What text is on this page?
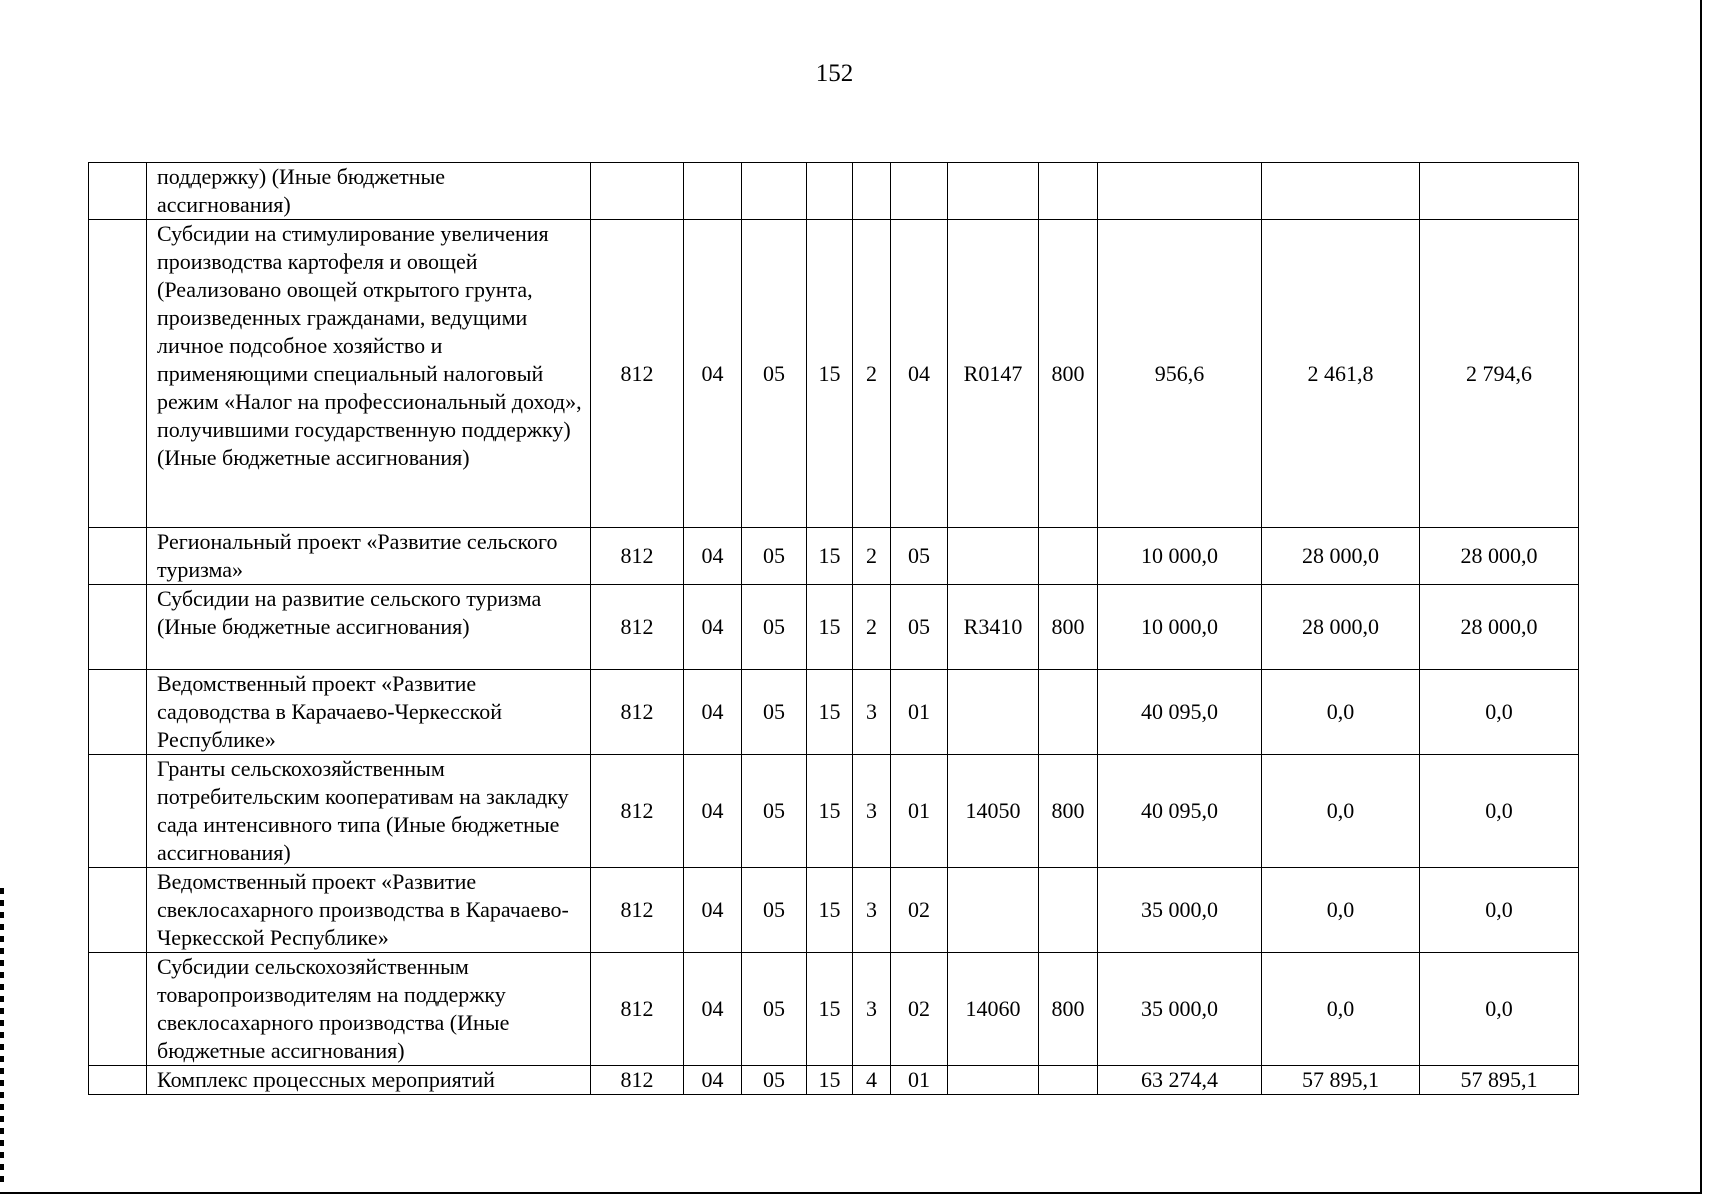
152
	поддержку) (Иные бюджетные ассигнования)											
	Субсидии на стимулирование увеличения производства картофеля и овощей (Реализовано овощей открытого грунта, произведенных гражданами, ведущими личное подсобное хозяйство и применяющими специальный налоговый режим «Налог на профессиональный доход», получившими государственную поддержку) (Иные бюджетные ассигнования)	812	04	05	15	2	04	R0147	800	956,6	2 461,8	2 794,6
	Региональный проект «Развитие сельского туризма»	812	04	05	15	2	05			10 000,0	28 000,0	28 000,0
	Субсидии на развитие сельского туризма (Иные бюджетные ассигнования)	812	04	05	15	2	05	R3410	800	10 000,0	28 000,0	28 000,0
	Ведомственный проект «Развитие садоводства в Карачаево-Черкесской Республике»	812	04	05	15	3	01			40 095,0	0,0	0,0
	Гранты сельскохозяйственным потребительским кооперативам на закладку сада интенсивного типа (Иные бюджетные ассигнования)	812	04	05	15	3	01	14050	800	40 095,0	0,0	0,0
	Ведомственный проект «Развитие свеклосахарного производства в Карачаево-Черкесской Республике»	812	04	05	15	3	02			35 000,0	0,0	0,0
	Субсидии сельскохозяйственным товаропроизводителям на поддержку свеклосахарного производства (Иные бюджетные ассигнования)	812	04	05	15	3	02	14060	800	35 000,0	0,0	0,0
	Комплекс процессных мероприятий	812	04	05	15	4	01			63 274,4	57 895,1	57 895,1
